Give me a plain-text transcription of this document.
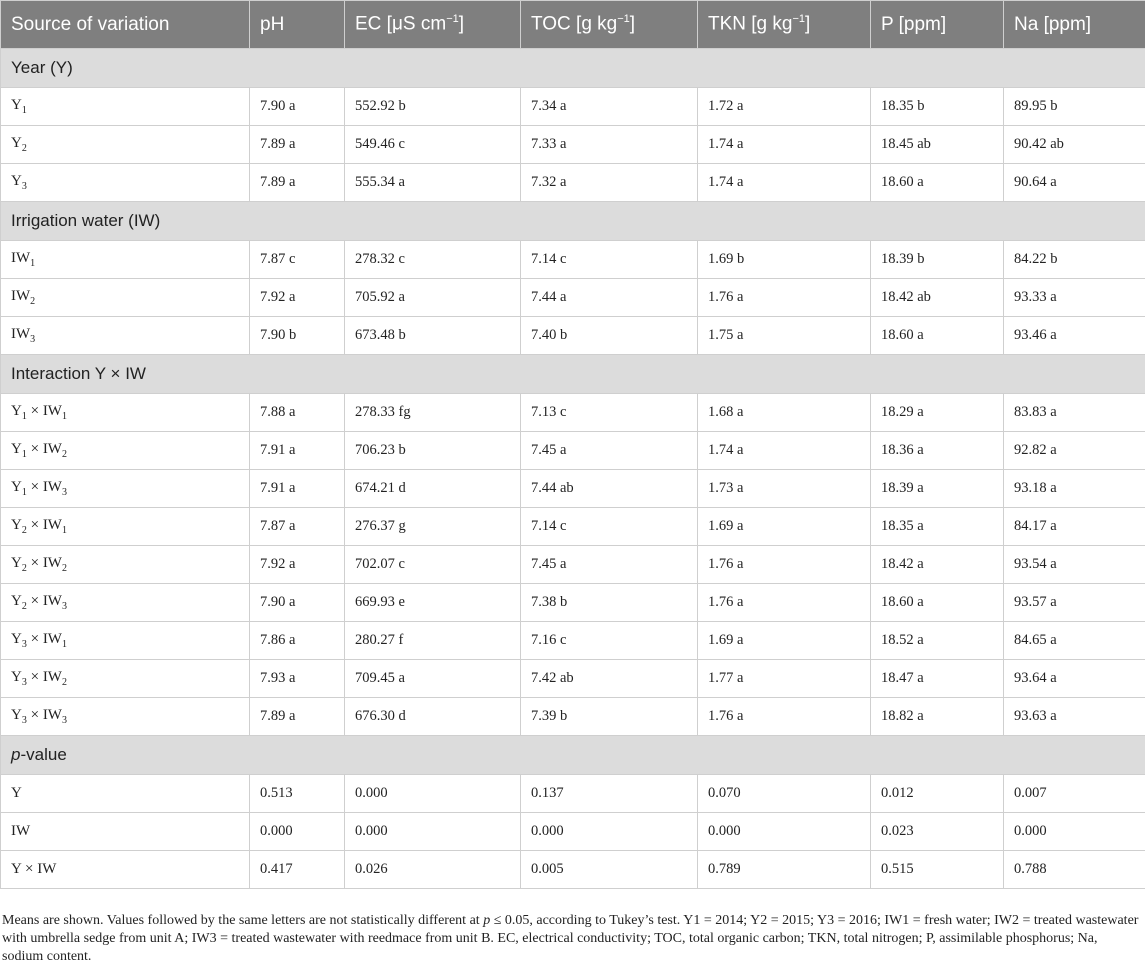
Source of variation	pH	EC [μS $cm^{-1}$]	TOC [g $kg^{-1}$]	TKN [g $kg^{-1}$]	P [ppm]	Na [ppm]
Year (Y)						
$Y_1$	7.90 a	552.92 b	7.34 a	1.72 a	18.35 b	89.95 b
$Y_2$	7.89 a	549.46 c	7.33 a	1.74 a	18.45 ab	90.42 ab
$Y_3$	7.89 a	555.34 a	7.32 a	1.74 a	18.60 a	90.64 a
Irrigation water (IW)						
$IW_1$	7.87 c	278.32 c	7.14 c	1.69 b	18.39 b	84.22 b
$IW_2$	7.92 a	705.92 a	7.44 a	1.76 a	18.42 ab	93.33 a
$IW_3$	7.90 b	673.48 b	7.40 b	1.75 a	18.60 a	93.46 a
Interaction Y × IW						
$Y_1 \times IW_1$	7.88 a	278.33 fg	7.13 c	1.68 a	18.29 a	83.83 a
$Y_1 \times IW_2$	7.91 a	706.23 b	7.45 a	1.74 a	18.36 a	92.82 a
$Y_1 \times IW_3$	7.91 a	674.21 d	7.44 ab	1.73 a	18.39 a	93.18 a
$Y_2 \times IW_1$	7.87 a	276.37 g	7.14 c	1.69 a	18.35 a	84.17 a
$Y_2 \times IW_2$	7.92 a	702.07 c	7.45 a	1.76 a	18.42 a	93.54 a
$Y_2 \times IW_3$	7.90 a	669.93 e	7.38 b	1.76 a	18.60 a	93.57 a
$Y_3 \times IW_1$	7.86 a	280.27 f	7.16 c	1.69 a	18.52 a	84.65 a
$Y_3 \times IW_2$	7.93 a	709.45 a	7.42 ab	1.77 a	18.47 a	93.64 a
$Y_3 \times IW_3$	7.89 a	676.30 d	7.39 b	1.76 a	18.82 a	93.63 a
p-value						
Y	0.513	0.000	0.137	0.070	0.012	0.007
IW	0.000	0.000	0.000	0.000	0.023	0.000
Y × IW	0.417	0.026	0.005	0.789	0.515	0.788
Means are shown. Values followed by the same letters are not statistically different at p ≤ 0.05, according to Tukey’s test. Y1 = 2014; Y2 = 2015; Y3 = 2016; IW1 = fresh water; IW2 = treated wastewater with umbrella sedge from unit A; IW3 = treated wastewater with reedmace from unit B. EC, electrical conductivity; TOC, total organic carbon; TKN, total nitrogen; P, assimilable phosphorus; Na, sodium content.
